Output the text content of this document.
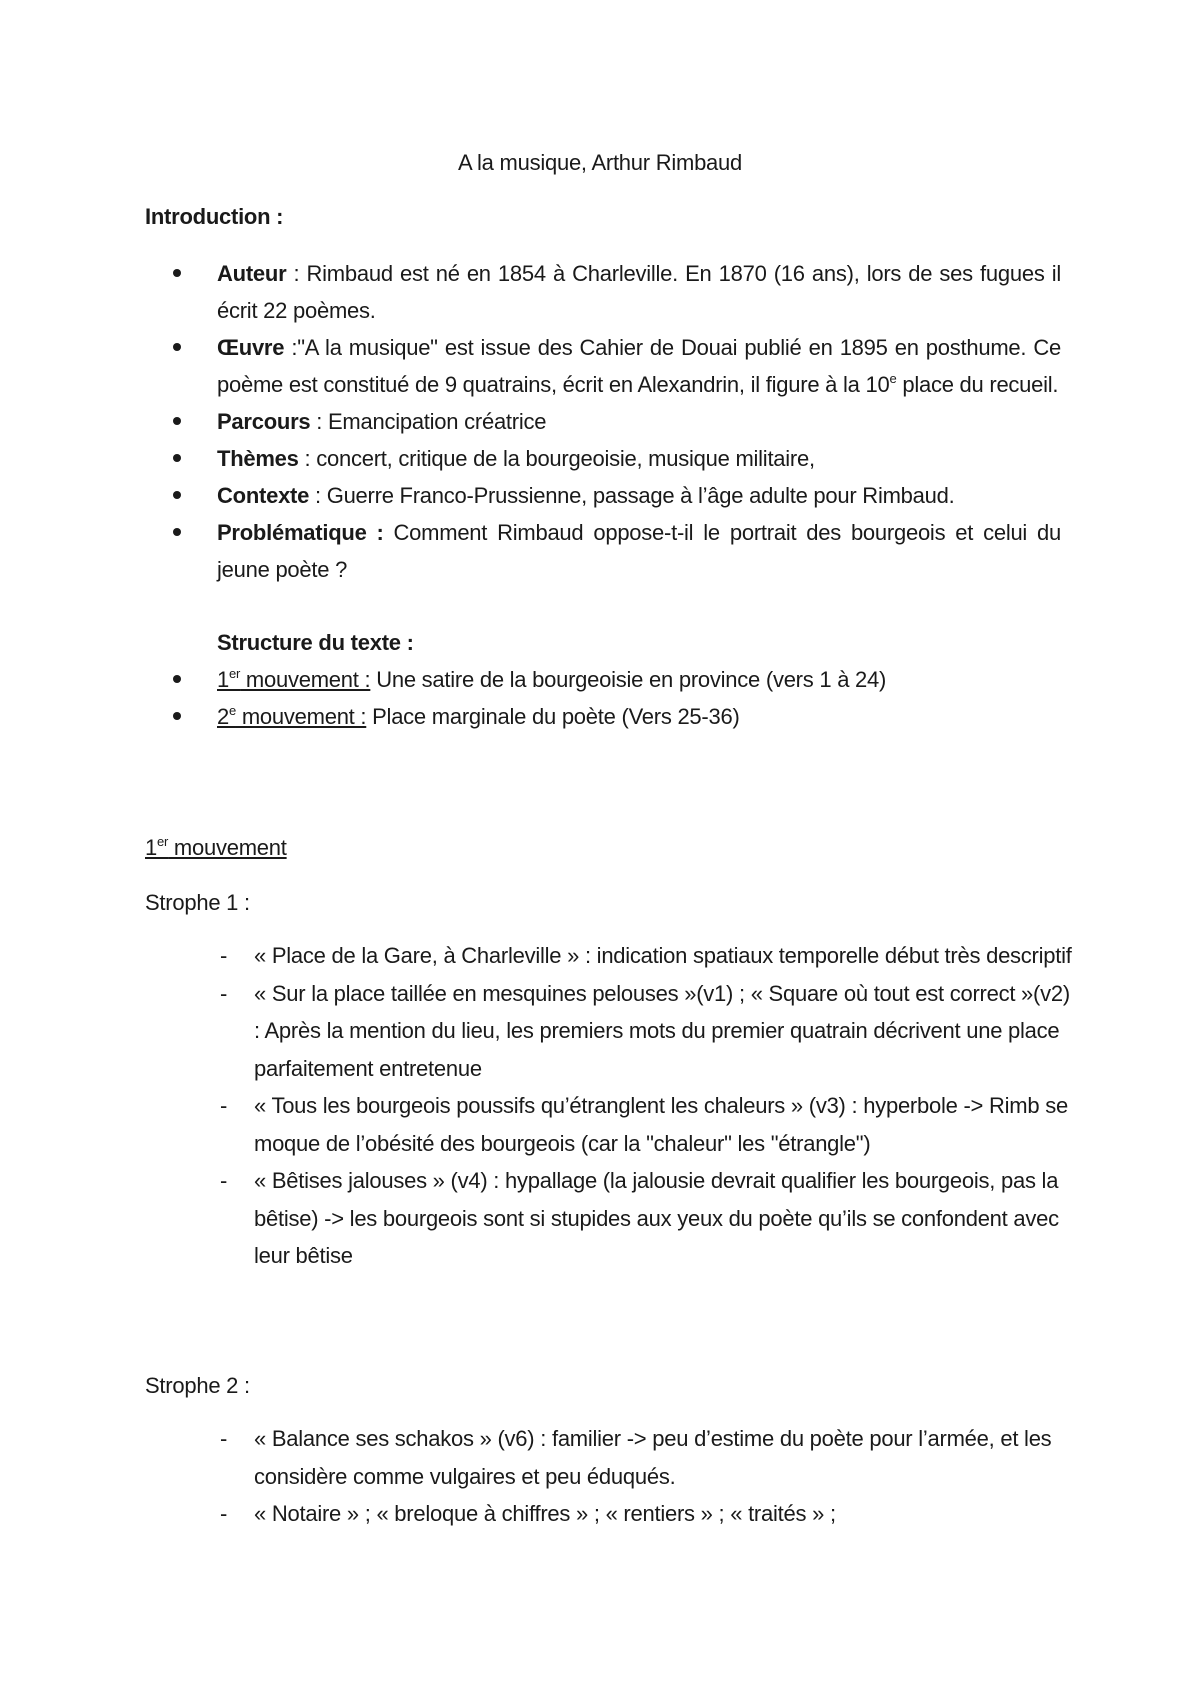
A la musique, Arthur Rimbaud
Introduction :
Auteur : Rimbaud est né en 1854 à Charleville. En 1870 (16 ans), lors de ses fugues il écrit 22 poèmes.
Œuvre :"A la musique" est issue des Cahier de Douai publié en 1895 en posthume. Ce poème est constitué de 9 quatrains, écrit en Alexandrin, il figure à la 10e place du recueil.
Parcours : Emancipation créatrice
Thèmes : concert, critique de la bourgeoisie, musique militaire,
Contexte : Guerre Franco-Prussienne, passage à l’âge adulte pour Rimbaud.
Problématique : Comment Rimbaud oppose-t-il le portrait des bourgeois et celui du jeune poète ?
Structure du texte :
1er mouvement : Une satire de la bourgeoisie en province (vers 1 à 24)
2e mouvement : Place marginale du poète (Vers 25-36)
1er mouvement
Strophe 1 :
- « Place de la Gare, à Charleville » : indication spatiaux temporelle début très descriptif
- « Sur la place taillée en mesquines pelouses »(v1) ; « Square où tout est correct »(v2) : Après la mention du lieu, les premiers mots du premier quatrain décrivent une place parfaitement entretenue
- « Tous les bourgeois poussifs qu’étranglent les chaleurs » (v3) : hyperbole -> Rimb se moque de l’obésité des bourgeois (car la "chaleur" les "étrangle")
- « Bêtises jalouses » (v4) : hypallage (la jalousie devrait qualifier les bourgeois, pas la bêtise) -> les bourgeois sont si stupides aux yeux du poète qu’ils se confondent avec leur bêtise
Strophe 2 :
- « Balance ses schakos » (v6) : familier -> peu d’estime du poète pour l’armée, et les considère comme vulgaires et peu éduqués.
- « Notaire » ; « breloque à chiffres » ; « rentiers » ; « traités » ;
